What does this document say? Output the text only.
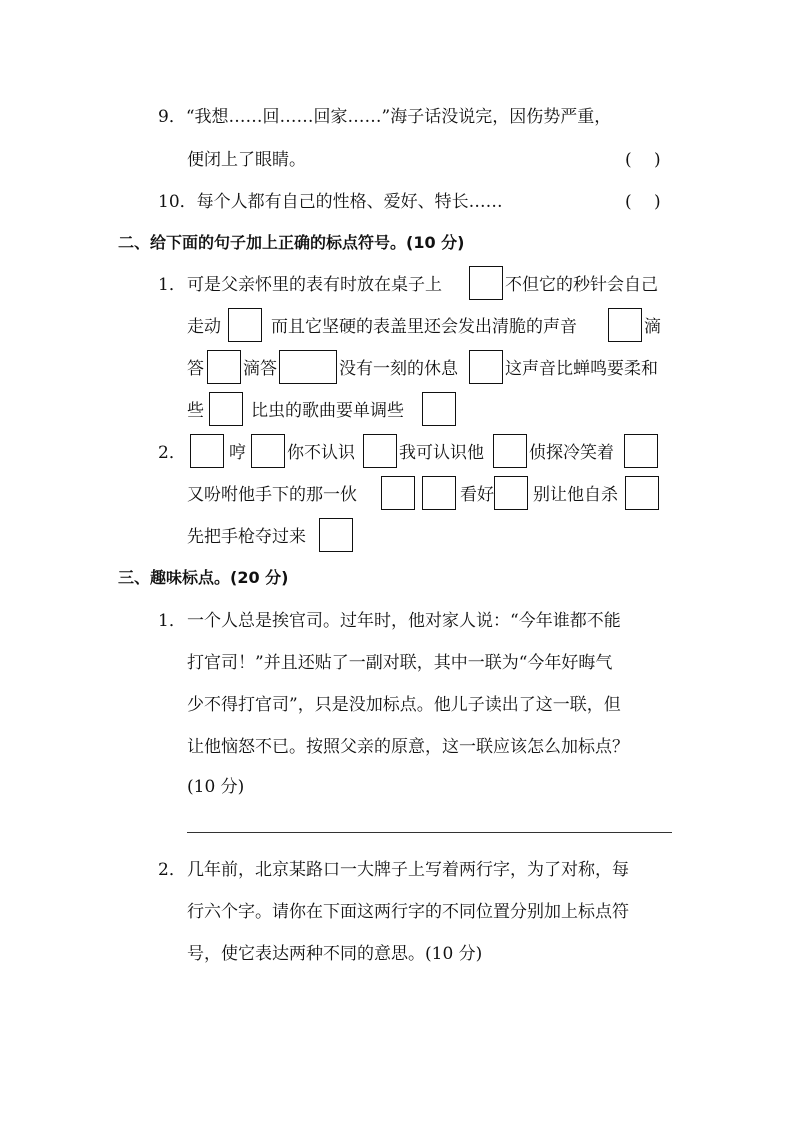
9．“我想……回……回家……”海子话没说完，因伤势严重，
便闭上了眼睛。	(　 )
10．每个人都有自己的性格、爱好、特长……	(　 )
二、给下面的句子加上正确的标点符号。(10 分)
1． 可是父亲怀里的表有时放在桌子上	不但它的秒针会自己
走动	而且它坚硬的表盖里还会发出清脆的声音	滴
答 滴答	没有一刻的休息	这声音比蝉鸣要柔和
些	比虫的歌曲要单调些
2．	哼 你不认识	我可认识他	侦探冷笑着
又吩咐他手下的那一伙	看好 别让他自杀
先把手枪夺过来
三、趣味标点。(20 分)
1． 一个人总是挨官司。过年时，他对家人说：“今年谁都不能
打官司！”并且还贴了一副对联，其中一联为“今年好晦气
少不得打官司”，只是没加标点。他儿子读出了这一联，但
让他恼怒不已。按照父亲的原意，这一联应该怎么加标点？
(10 分)
2． 几年前，北京某路口一大牌子上写着两行字，为了对称，每
行六个字。请你在下面这两行字的不同位置分别加上标点符
号，使它表达两种不同的意思。(10 分)
